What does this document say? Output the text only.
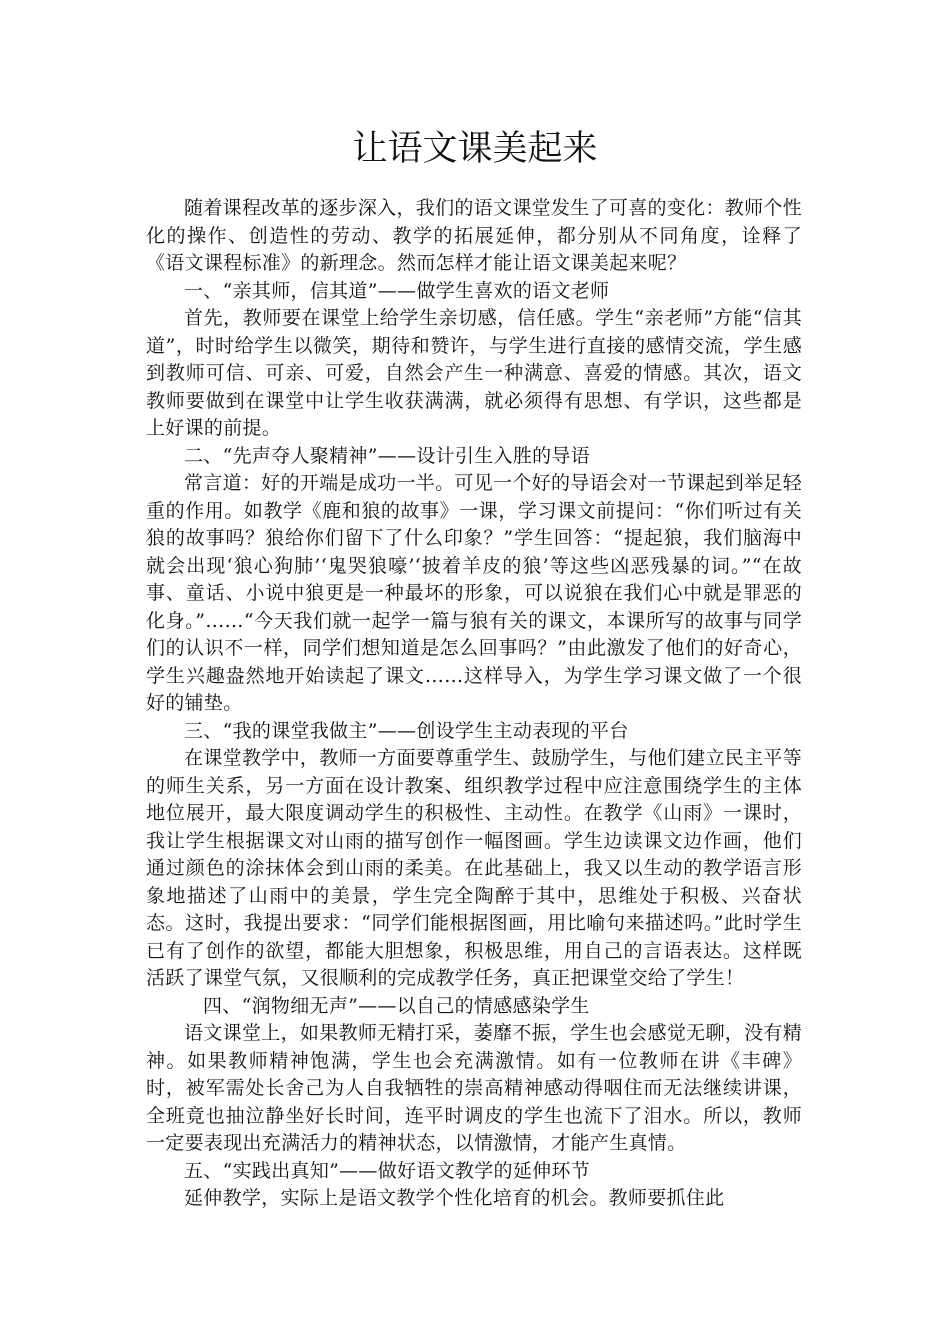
让语文课美起来

随着课程改革的逐步深入，我们的语文课堂发生了可喜的变化：教师个性化的操作、创造性的劳动、教学的拓展延伸，都分别从不同角度，诠释了《语文课程标准》的新理念。然而怎样才能让语文课美起来呢？

一、“亲其师，信其道”——做学生喜欢的语文老师

首先，教师要在课堂上给学生亲切感，信任感。学生“亲老师”方能“信其道”，时时给学生以微笑，期待和赞许，与学生进行直接的感情交流，学生感到教师可信、可亲、可爱，自然会产生一种满意、喜爱的情感。其次，语文教师要做到在课堂中让学生收获满满，就必须得有思想、有学识，这些都是上好课的前提。

二、“先声夺人聚精神”——设计引生入胜的导语

常言道：好的开端是成功一半。可见一个好的导语会对一节课起到举足轻重的作用。如教学《鹿和狼的故事》一课，学习课文前提问：“你们听过有关狼的故事吗？狼给你们留下了什么印象？”学生回答：“提起狼，我们脑海中就会出现‘狼心狗肺’‘鬼哭狼嚎’‘披着羊皮的狼’等这些凶恶残暴的词。”“在故事、童话、小说中狼更是一种最坏的形象，可以说狼在我们心中就是罪恶的化身。”……“今天我们就一起学一篇与狼有关的课文，本课所写的故事与同学们的认识不一样，同学们想知道是怎么回事吗？”由此激发了他们的好奇心，学生兴趣盎然地开始读起了课文……这样导入，为学生学习课文做了一个很好的铺垫。

三、“我的课堂我做主”——创设学生主动表现的平台

在课堂教学中，教师一方面要尊重学生、鼓励学生，与他们建立民主平等的师生关系，另一方面在设计教案、组织教学过程中应注意围绕学生的主体地位展开，最大限度调动学生的积极性、主动性。在教学《山雨》一课时，我让学生根据课文对山雨的描写创作一幅图画。学生边读课文边作画，他们通过颜色的涂抹体会到山雨的柔美。在此基础上，我又以生动的教学语言形象地描述了山雨中的美景，学生完全陶醉于其中，思维处于积极、兴奋状态。这时，我提出要求：“同学们能根据图画，用比喻句来描述吗。”此时学生已有了创作的欲望，都能大胆想象，积极思维，用自己的言语表达。这样既活跃了课堂气氛，又很顺利的完成教学任务，真正把课堂交给了学生！

四、“润物细无声”——以自己的情感感染学生

语文课堂上，如果教师无精打采，萎靡不振，学生也会感觉无聊，没有精神。如果教师精神饱满，学生也会充满激情。如有一位教师在讲《丰碑》时，被军需处长舍己为人自我牺牲的崇高精神感动得咽住而无法继续讲课，全班竟也抽泣静坐好长时间，连平时调皮的学生也流下了泪水。所以，教师一定要表现出充满活力的精神状态，以情激情，才能产生真情。

五、“实践出真知”——做好语文教学的延伸环节

延伸教学，实际上是语文教学个性化培育的机会。教师要抓住此
